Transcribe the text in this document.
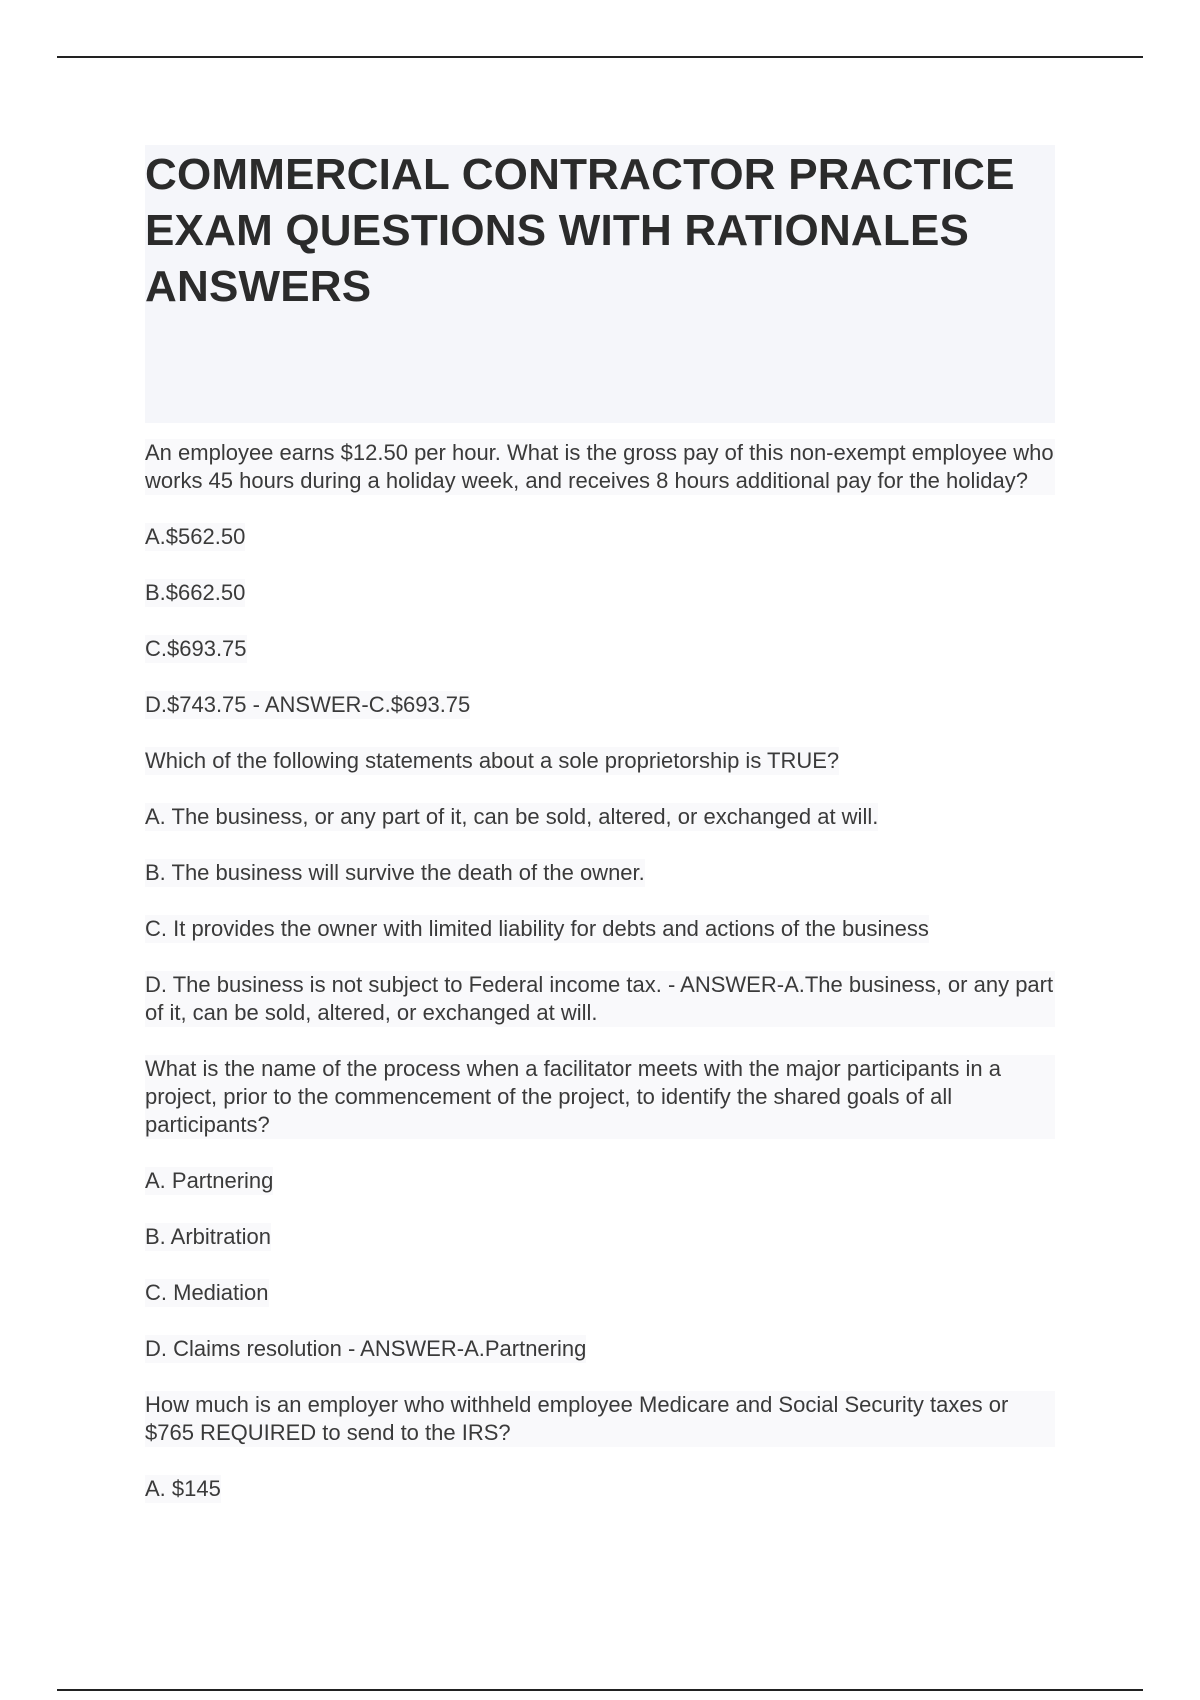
COMMERCIAL CONTRACTOR PRACTICE EXAM QUESTIONS WITH RATIONALES ANSWERS

An employee earns $12.50 per hour. What is the gross pay of this non-exempt employee who works 45 hours during a holiday week, and receives 8 hours additional pay for the holiday?

A.$562.50

B.$662.50

C.$693.75

D.$743.75 - ANSWER-C.$693.75

Which of the following statements about a sole proprietorship is TRUE?

A. The business, or any part of it, can be sold, altered, or exchanged at will.

B. The business will survive the death of the owner.

C. It provides the owner with limited liability for debts and actions of the business

D. The business is not subject to Federal income tax. - ANSWER-A.The business, or any part of it, can be sold, altered, or exchanged at will.

What is the name of the process when a facilitator meets with the major participants in a project, prior to the commencement of the project, to identify the shared goals of all participants?

A. Partnering

B. Arbitration

C. Mediation

D. Claims resolution - ANSWER-A.Partnering

How much is an employer who withheld employee Medicare and Social Security taxes or $765 REQUIRED to send to the IRS?

A. $145
